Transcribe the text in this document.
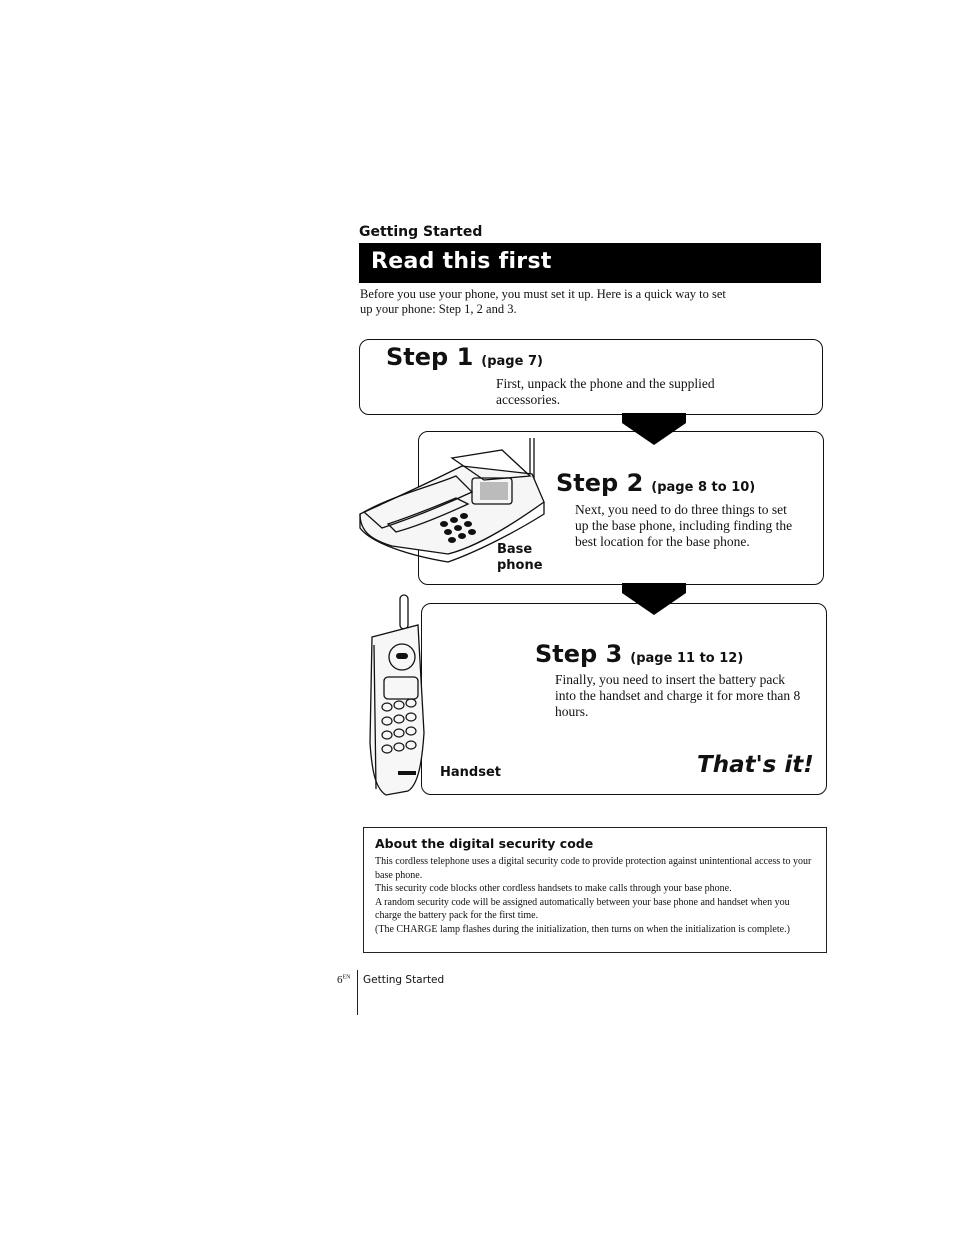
Getting Started
Read this first
Before you use your phone, you must set it up. Here is a quick way to set up your phone: Step 1, 2 and 3.
Step 1 (page 7)
First, unpack the phone and the supplied accessories.
Step 2 (page 8 to 10)
Next, you need to do three things to set up the base phone, including finding the best location for the base phone.
Base
phone
Step 3 (page 11 to 12)
Finally, you need to insert the battery pack into the handset and charge it for more than 8 hours.
Handset	That's it!
About the digital security code
This cordless telephone uses a digital security code to provide protection against unintentional access to your base phone.
This security code blocks other cordless handsets to make calls through your base phone.
A random security code will be assigned automatically between your base phone and handset when you charge the battery pack for the first time.
(The CHARGE lamp flashes during the initialization, then turns on when the initialization is complete.)
$6^{EN}$ Getting Started
